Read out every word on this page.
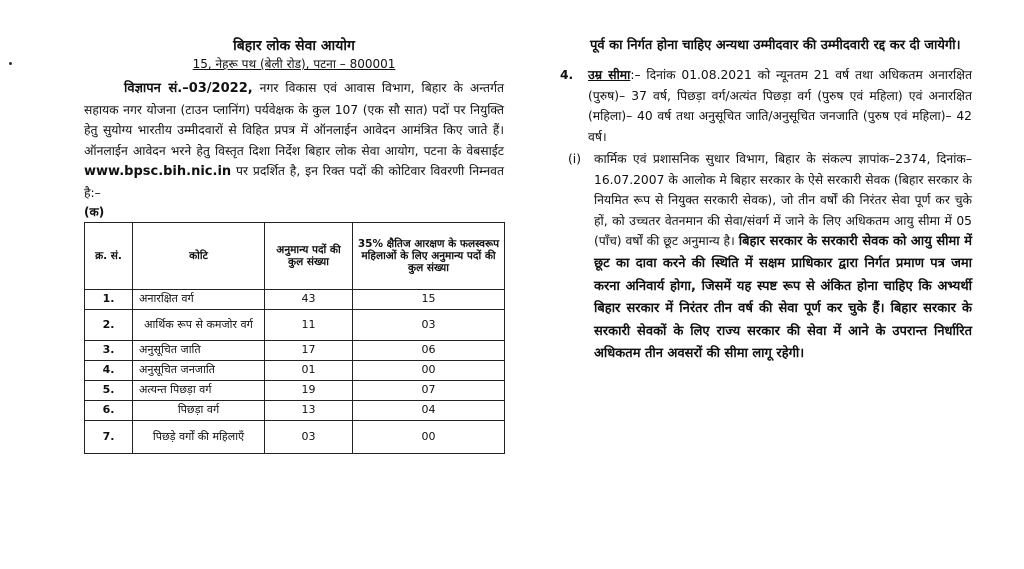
बिहार लोक सेवा आयोग
15, नेहरू पथ (बेली रोड), पटना – 800001
विज्ञापन सं.–03/2022, नगर विकास एवं आवास विभाग, बिहार के अन्तर्गत सहायक नगर योजना (टाउन प्लानिंग) पर्यवेक्षक के कुल 107 (एक सौ सात) पदों पर नियुक्ति हेतु सुयोग्य भारतीय उम्मीदवारों से विहित प्रपत्र में ऑनलाईन आवेदन आमंत्रित किए जाते हैं। ऑनलाईन आवेदन भरने हेतु विस्तृत दिशा निर्देश बिहार लोक सेवा आयोग, पटना के वेबसाईट www.bpsc.bih.nic.in पर प्रदर्शित है, इन रिक्त पदों की कोटिवार विवरणी निम्नवत है:–
(क)
क्र. सं.	कोटि	अनुमान्य पदों की कुल संख्या	35% क्षैतिज आरक्षण के फलस्वरूप महिलाओं के लिए अनुमान्य पदों की कुल संख्या
1.	अनारक्षित वर्ग	43	15
2.	आर्थिक रूप से कमजोर वर्ग	11	03
3.	अनुसूचित जाति	17	06
4.	अनुसूचित जनजाति	01	00
5.	अत्यन्त पिछड़ा वर्ग	19	07
6.	पिछड़ा वर्ग	13	04
7.	पिछड़े वर्गों की महिलाएँ	03	00
पूर्व का निर्गत होना चाहिए अन्यथा उम्मीदवार की उम्मीदवारी रद्द कर दी जायेगी।
4. उम्र सीमा:– दिनांक 01.08.2021 को न्यूनतम 21 वर्ष तथा अधिकतम अनारक्षित (पुरुष)– 37 वर्ष, पिछड़ा वर्ग/अत्यंत पिछड़ा वर्ग (पुरुष एवं महिला) एवं अनारक्षित (महिला)– 40 वर्ष तथा अनुसूचित जाति/अनुसूचित जनजाति (पुरुष एवं महिला)– 42 वर्ष।
(i) कार्मिक एवं प्रशासनिक सुधार विभाग, बिहार के संकल्प ज्ञापांक–2374, दिनांक–16.07.2007 के आलोक मे बिहार सरकार के ऐसे सरकारी सेवक (बिहार सरकार के नियमित रूप से नियुक्त सरकारी सेवक), जो तीन वर्षों की निरंतर सेवा पूर्ण कर चुके हों, को उच्चतर वेतनमान की सेवा/संवर्ग में जाने के लिए अधिकतम आयु सीमा में 05 (पाँच) वर्षों की छूट अनुमान्य है। बिहार सरकार के सरकारी सेवक को आयु सीमा में छूट का दावा करने की स्थिति में सक्षम प्राधिकार द्वारा निर्गत प्रमाण पत्र जमा करना अनिवार्य होगा, जिसमें यह स्पष्ट रूप से अंकित होना चाहिए कि अभ्यर्थी बिहार सरकार में निरंतर तीन वर्ष की सेवा पूर्ण कर चुके हैं। बिहार सरकार के सरकारी सेवकों के लिए राज्य सरकार की सेवा में आने के उपरान्त निर्धारित अधिकतम तीन अवसरों की सीमा लागू रहेगी।
